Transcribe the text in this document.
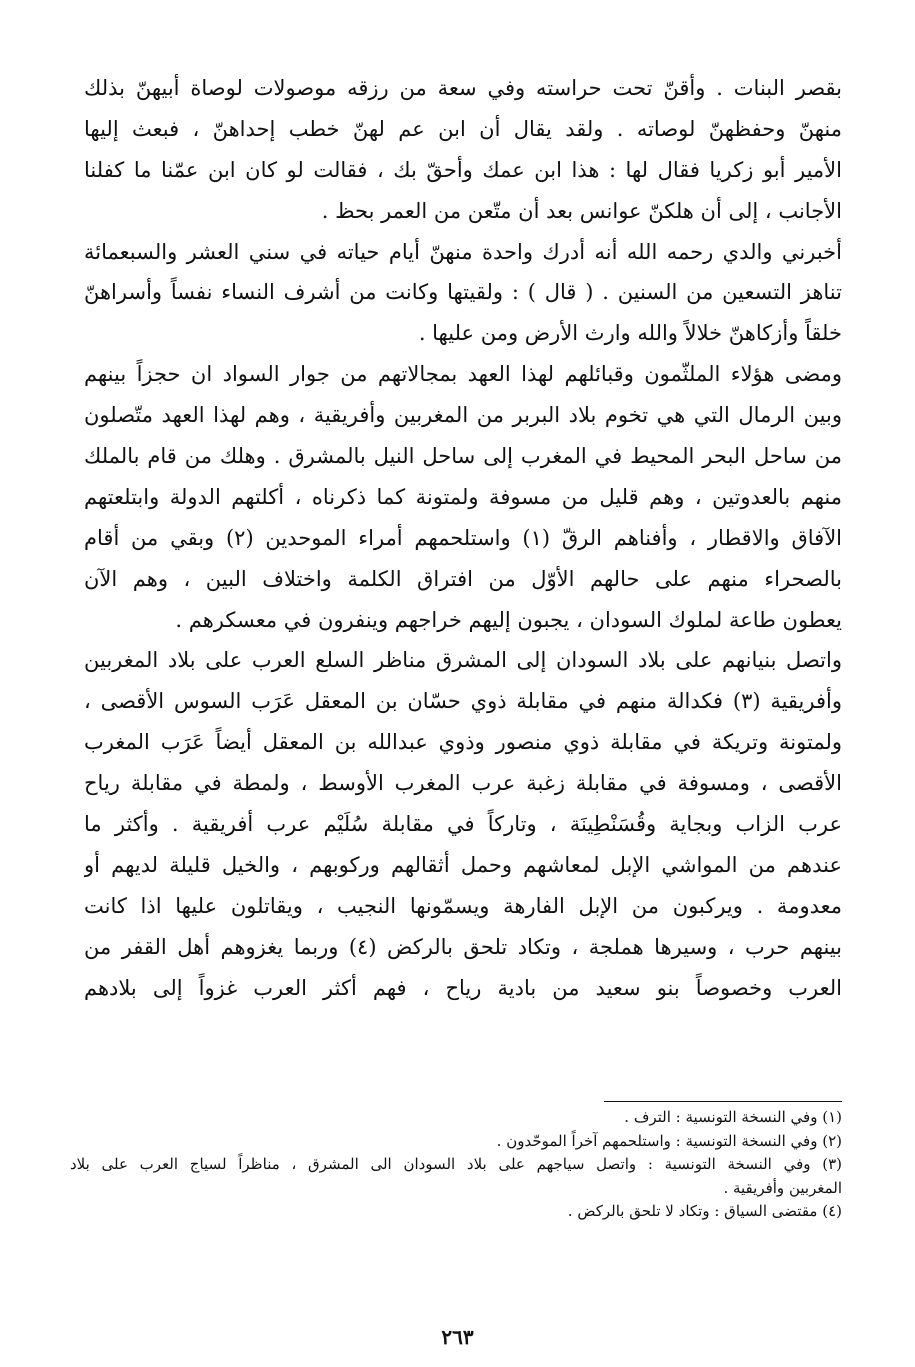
بقصر البنات . وأقنّ تحت حراسته وفي سعة من رزقه موصولات لوصاة أبيهنّ بذلك
منهنّ وحفظهنّ لوصاته . ولقد يقال أن ابن عم لهنّ خطب إحداهنّ ، فبعث إليها
الأمير أبو زكريا فقال لها : هذا ابن عمك وأحقّ بك ، فقالت لو كان ابن عمّنا ما كفلنا
الأجانب ، إلى أن هلكنّ عوانس بعد أن متّعن من العمر بحظ .
أخبرني والدي رحمه الله أنه أدرك واحدة منهنّ أيام حياته في سني العشر والسبعمائة
تناهز التسعين من السنين . ( قال ) : ولقيتها وكانت من أشرف النساء نفساً وأسراهنّ
خلقاً وأزكاهنّ خلالاً والله وارث الأرض ومن عليها .
ومضى هؤلاء الملثّمون وقبائلهم لهذا العهد بمجالاتهم من جوار السواد ان حجزاً بينهم
وبين الرمال التي هي تخوم بلاد البربر من المغربين وأفريقية ، وهم لهذا العهد متّصلون
من ساحل البحر المحيط في المغرب إلى ساحل النيل بالمشرق . وهلك من قام بالملك
منهم بالعدوتين ، وهم قليل من مسوفة ولمتونة كما ذكرناه ، أكلتهم الدولة وابتلعتهم
الآفاق والاقطار ، وأفناهم الرقّ (١) واستلحمهم أمراء الموحدين (٢) وبقي من أقام
بالصحراء منهم على حالهم الأوّل من افتراق الكلمة واختلاف البين ، وهم الآن
يعطون طاعة لملوك السودان ، يجبون إليهم خراجهم وينفرون في معسكرهم .
واتصل بنيانهم على بلاد السودان إلى المشرق مناظر السلع العرب على بلاد المغربين
وأفريقية (٣) فكدالة منهم في مقابلة ذوي حسّان بن المعقل عَرَب السوس الأقصى ،
ولمتونة وتريكة في مقابلة ذوي منصور وذوي عبدالله بن المعقل أيضاً عَرَب المغرب
الأقصى ، ومسوفة في مقابلة زغبة عرب المغرب الأوسط ، ولمطة في مقابلة رياح
عرب الزاب وبجاية وقُسَنْطِينَة ، وتاركاً في مقابلة سُلَيْم عرب أفريقية . وأكثر ما
عندهم من المواشي الإبل لمعاشهم وحمل أثقالهم وركوبهم ، والخيل قليلة لديهم أو
معدومة . ويركبون من الإبل الفارهة ويسمّونها النجيب ، ويقاتلون عليها اذا كانت
بينهم حرب ، وسيرها هملجة ، وتكاد تلحق بالركض (٤) وربما يغزوهم أهل القفر من
العرب وخصوصاً بنو سعيد من بادية رياح ، فهم أكثر العرب غزواً إلى بلادهم
(١) وفي النسخة التونسية : الترف .
(٢) وفي النسخة التونسية : واستلحمهم آخراً الموحّدون .
(٣) وفي النسخة التونسية : واتصل سياجهم على بلاد السودان الى المشرق ، مناظراً لسياج العرب على بلاد
المغربين وأفريقية .
(٤) مقتضى السياق : وتكاد لا تلحق بالركض .
٢٦٣
